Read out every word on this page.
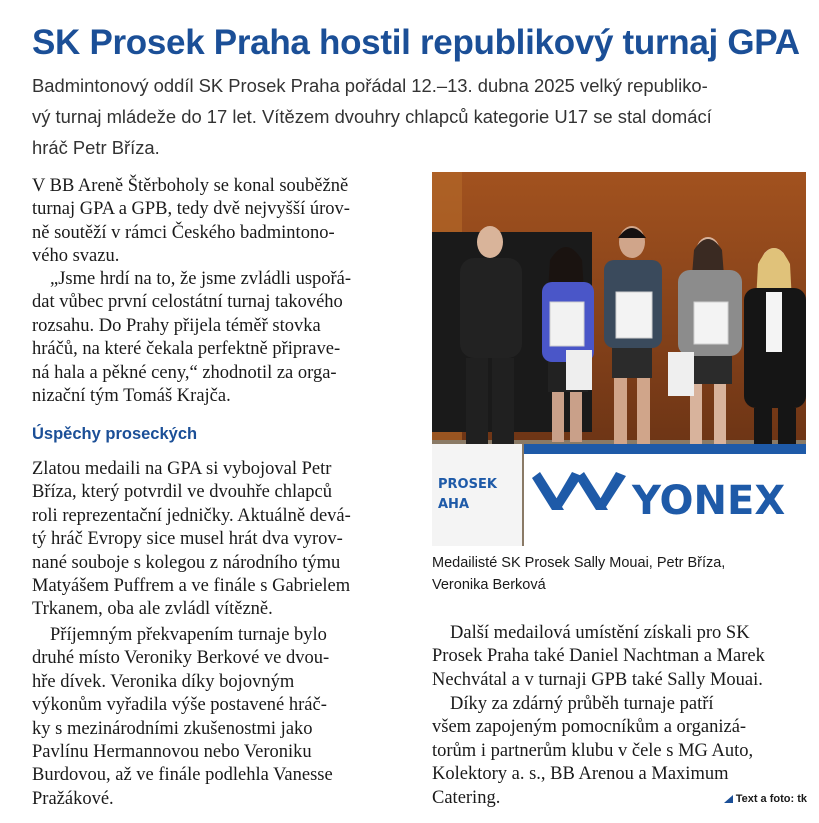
SK Prosek Praha hostil republikový turnaj GPA
Badmintonový oddíl SK Prosek Praha pořádal 12.–13. dubna 2025 velký republiko-
vý turnaj mládeže do 17 let. Vítězem dvouhry chlapců kategorie U17 se stal domácí
hráč Petr Bříza.
V BB Areně Štěrboholy se konal souběžně
turnaj GPA a GPB, tedy dvě nejvyšší úrov-
ně soutěží v rámci Českého badmintono-
vého svazu.
„Jsme hrdí na to, že jsme zvládli uspořá-
dat vůbec první celostátní turnaj takového
rozsahu. Do Prahy přijela téměř stovka
hráčů, na které čekala perfektně připrave-
ná hala a pěkné ceny,“ zhodnotil za orga-
nizační tým Tomáš Krajča.
Úspěchy proseckých
Zlatou medaili na GPA si vybojoval Petr
Bříza, který potvrdil ve dvouhře chlapců
roli reprezentační jedničky. Aktuálně devá-
tý hráč Evropy sice musel hrát dva vyrov-
nané souboje s kolegou z národního týmu
Matyášem Puffrem a ve finále s Gabrielem
Trkanem, oba ale zvládl vítězně.
Příjemným překvapením turnaje bylo
druhé místo Veroniky Berkové ve dvou-
hře dívek. Veronika díky bojovným
výkonům vyřadila výše postavené hráč-
ky s mezinárodními zkušenostmi jako
Pavlínu Hermannovou nebo Veroniku
Burdovou, až ve finále podlehla Vanesse
Pražákové.
PROSEK
AHA	YONEX
Medailisté SK Prosek Sally Mouai, Petr Bříza,
Veronika Berková
Další medailová umístění získali pro SK
Prosek Praha také Daniel Nachtman a Marek
Nechvátal a v turnaji GPB také Sally Mouai.
Díky za zdárný průběh turnaje patří
všem zapojeným pomocníkům a organizá-
torům i partnerům klubu v čele s MG Auto,
Kolektory a. s., BB Arenou a Maximum
Catering.	Text a foto: tk
